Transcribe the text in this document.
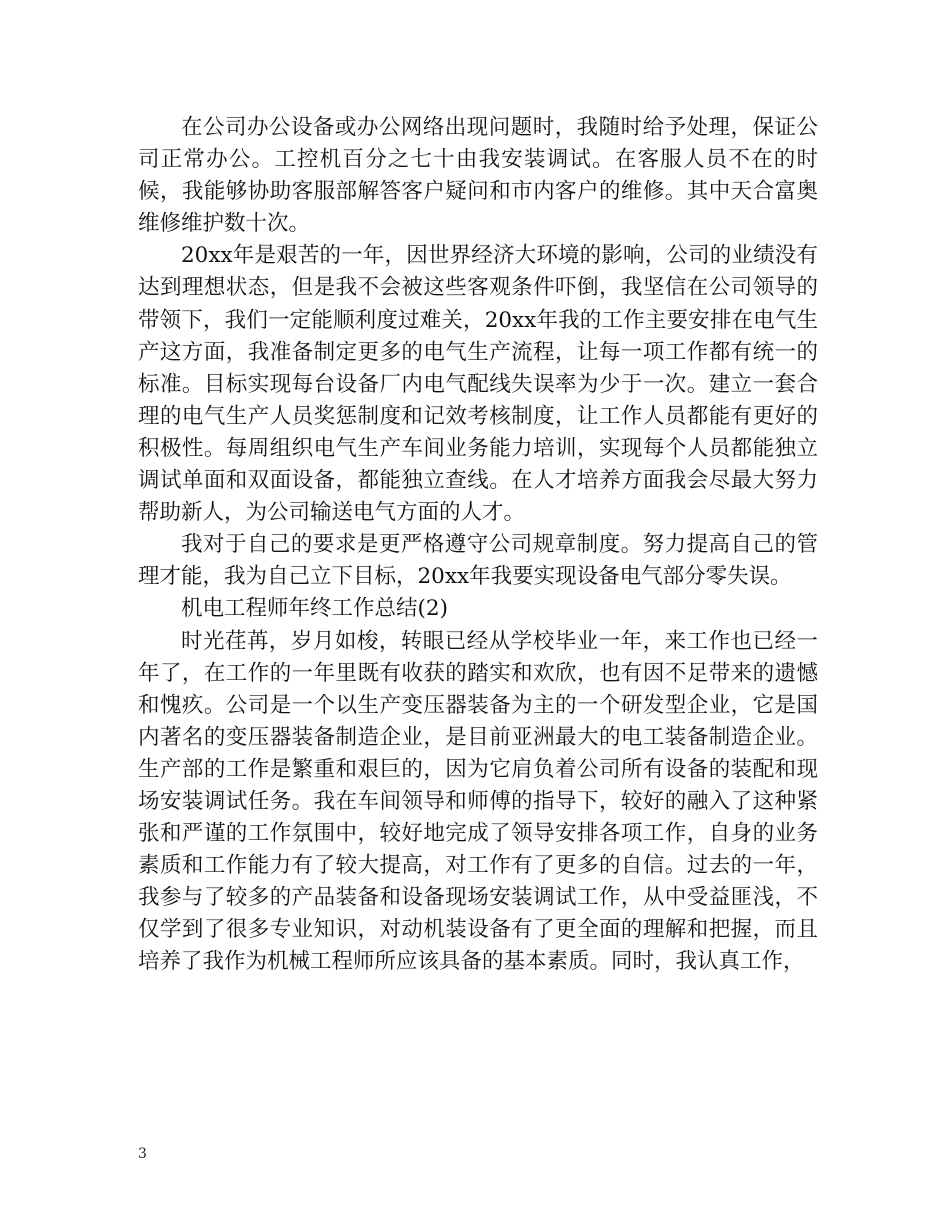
在公司办公设备或办公网络出现问题时，我随时给予处理，保证公司正常办公。工控机百分之七十由我安装调试。在客服人员不在的时候，我能够协助客服部解答客户疑问和市内客户的维修。其中天合富奥维修维护数十次。

20xx年是艰苦的一年，因世界经济大环境的影响，公司的业绩没有达到理想状态，但是我不会被这些客观条件吓倒，我坚信在公司领导的带领下，我们一定能顺利度过难关，20xx年我的工作主要安排在电气生产这方面，我准备制定更多的电气生产流程，让每一项工作都有统一的标准。目标实现每台设备厂内电气配线失误率为少于一次。建立一套合理的电气生产人员奖惩制度和记效考核制度，让工作人员都能有更好的积极性。每周组织电气生产车间业务能力培训，实现每个人员都能独立调试单面和双面设备，都能独立查线。在人才培养方面我会尽最大努力帮助新人，为公司输送电气方面的人才。

我对于自己的要求是更严格遵守公司规章制度。努力提高自己的管理才能，我为自己立下目标，20xx年我要实现设备电气部分零失误。

机电工程师年终工作总结(2)

时光荏苒，岁月如梭，转眼已经从学校毕业一年，来工作也已经一年了，在工作的一年里既有收获的踏实和欢欣，也有因不足带来的遗憾和愧疚。公司是一个以生产变压器装备为主的一个研发型企业，它是国内著名的变压器装备制造企业，是目前亚洲最大的电工装备制造企业。生产部的工作是繁重和艰巨的，因为它肩负着公司所有设备的装配和现场安装调试任务。我在车间领导和师傅的指导下，较好的融入了这种紧张和严谨的工作氛围中，较好地完成了领导安排各项工作，自身的业务素质和工作能力有了较大提高，对工作有了更多的自信。过去的一年，我参与了较多的产品装备和设备现场安装调试工作，从中受益匪浅，不仅学到了很多专业知识，对动机装设备有了更全面的理解和把握，而且培养了我作为机械工程师所应该具备的基本素质。同时，我认真工作，

3
